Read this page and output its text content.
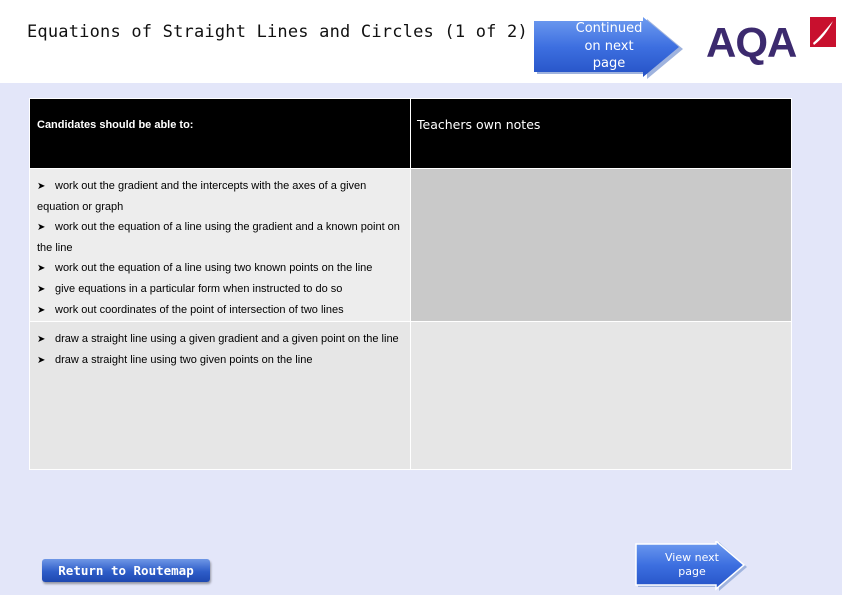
Equations of Straight Lines and Circles (1 of 2)	Continued
on next
page	AQA
Candidates should be able to:	Teachers own notes

➤ work out the gradient and the intercepts with the axes of a given equation or graph
➤ work out the equation of a line using the gradient and a known point on the line
➤ work out the equation of a line using two known points on the line
➤ give equations in a particular form when instructed to do so
➤ work out coordinates of the point of intersection of two lines	

➤ draw a straight line using a given gradient and a given point on the line
➤ draw a straight line using two given points on the line	

Return to Routemap
View next
page
